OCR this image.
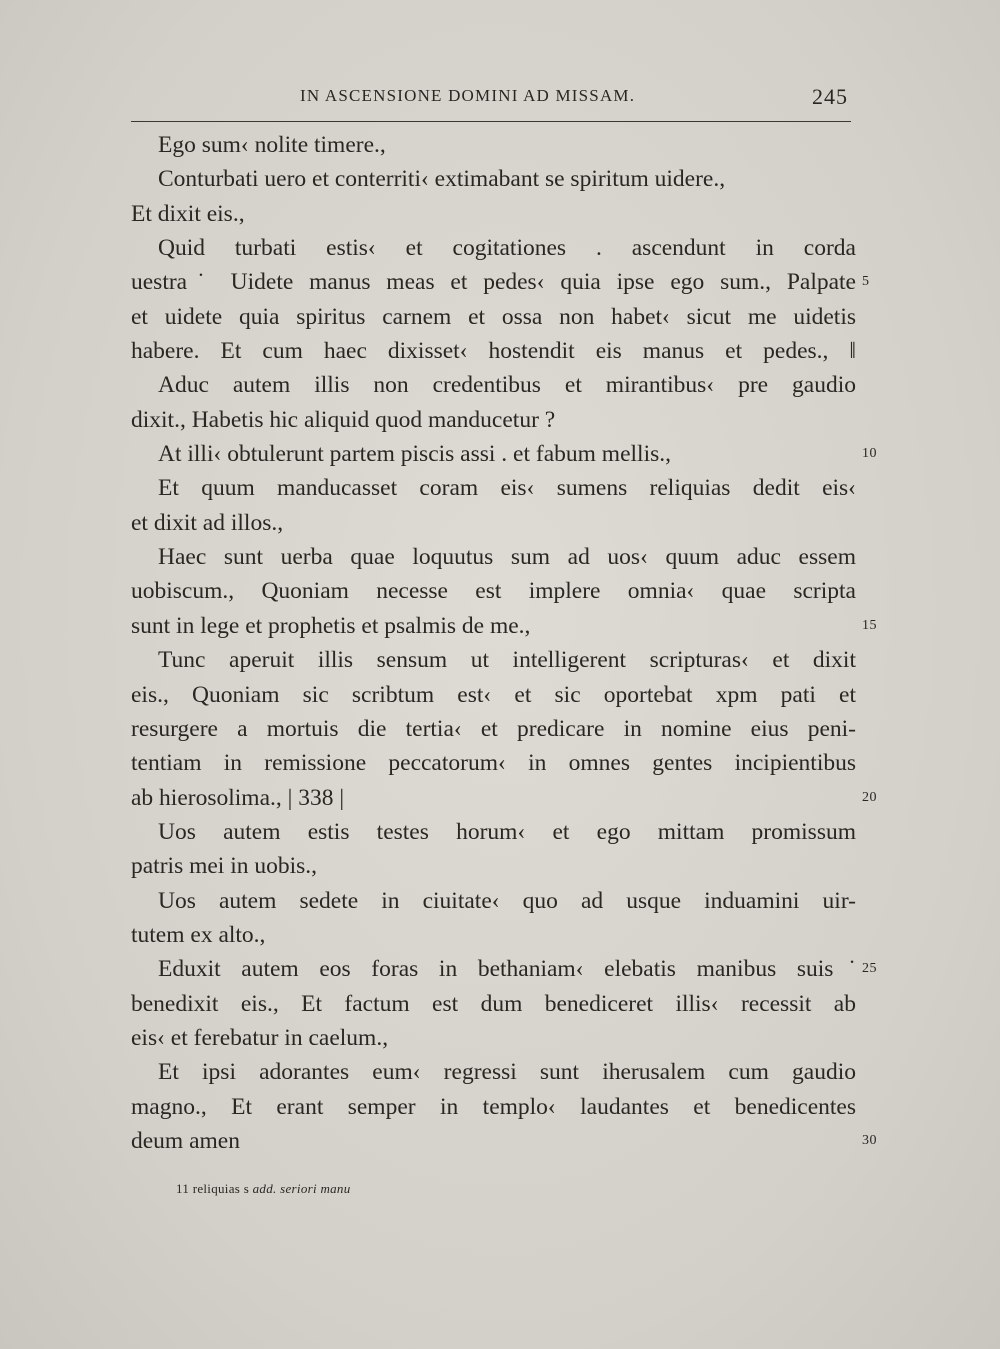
IN ASCENSIONE DOMINI AD MISSAM.	245
Ego sum‹ nolite timere.,
Conturbati uero et conterriti‹ extimabant se spiritum uidere.,
Et dixit eis.,
Quid turbati estis‹ et cogitationes . ascendunt in corda
uestra˙ Uidete manus meas et pedes‹ quia ipse ego sum., Palpate
et uidete quia spiritus carnem et ossa non habet‹ sicut me uidetis
habere. Et cum haec dixisset‹ hostendit eis manus et pedes., ‖
Aduc autem illis non credentibus et mirantibus‹ pre gaudio
dixit., Habetis hic aliquid quod manducetur ?
At illi‹ obtulerunt partem piscis assi . et fabum mellis.,
Et quum manducasset coram eis‹ sumens reliquias dedit eis‹
et dixit ad illos.,
Haec sunt uerba quae loquutus sum ad uos‹ quum aduc essem
uobiscum., Quoniam necesse est implere omnia‹ quae scripta
sunt in lege et prophetis et psalmis de me.,
Tunc aperuit illis sensum ut intelligerent scripturas‹ et dixit
eis., Quoniam sic scribtum est‹ et sic oportebat xpm pati et
resurgere a mortuis die tertia‹ et predicare in nomine eius peni-
tentiam in remissione peccatorum‹ in omnes gentes incipientibus
ab hierosolima., | 338 |
Uos autem estis testes horum‹ et ego mittam promissum
patris mei in uobis.,
Uos autem sedete in ciuitate‹ quo ad usque induamini uir-
tutem ex alto.,
Eduxit autem eos foras in bethaniam‹ elebatis manibus suis˙
benedixit eis., Et factum est dum benediceret illis‹ recessit ab
eis‹ et ferebatur in caelum.,
Et ipsi adorantes eum‹ regressi sunt iherusalem cum gaudio
magno., Et erant semper in templo‹ laudantes et benedicentes
deum amen
5
10
15
20
25
30
11 reliquias s add. seriori manu
